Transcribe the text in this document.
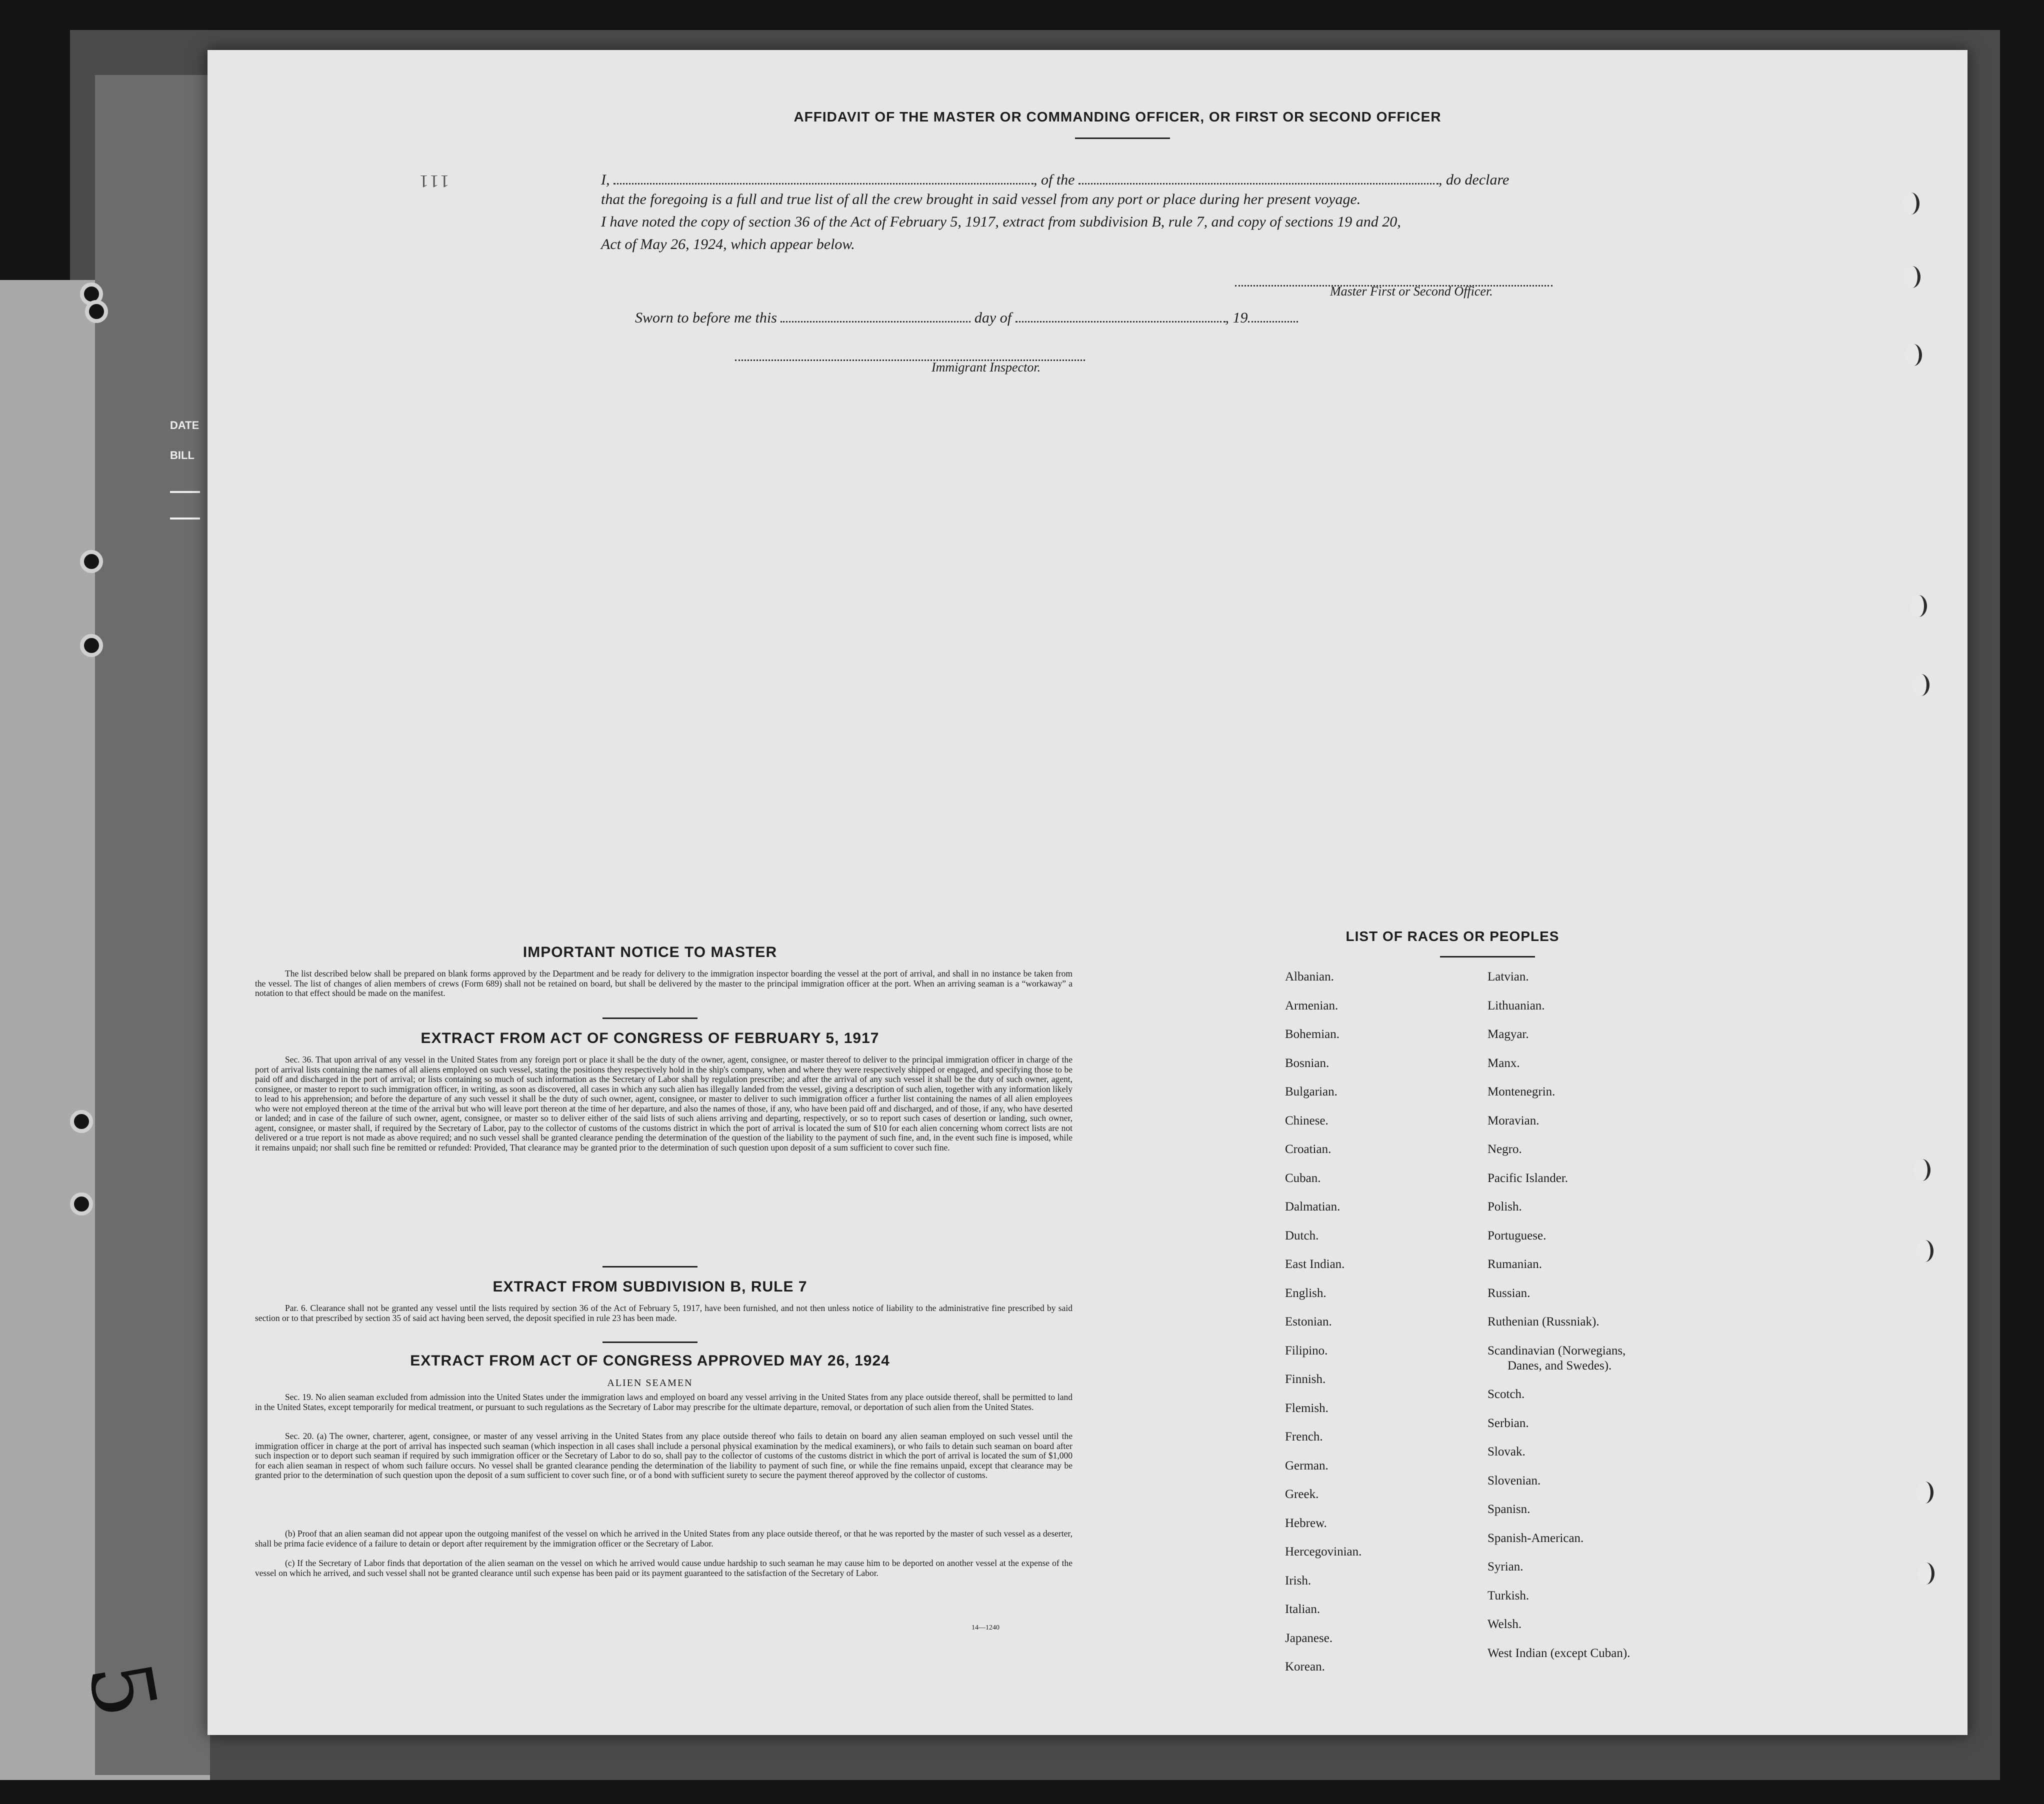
DATE
BILL
5
111
AFFIDAVIT OF THE MASTER OR COMMANDING OFFICER, OR FIRST OR SECOND OFFICER
I,	, of the	, do declare
that the foregoing is a full and true list of all the crew brought in said vessel from any port or place during her present voyage.
I have noted the copy of section 36 of the Act of February 5, 1917, extract from subdivision B, rule 7, and copy of sections 19 and 20,
Act of May 26, 1924, which appear below.
Master First or Second Officer.
Sworn to before me this	day of	, 19
Immigrant Inspector.
IMPORTANT NOTICE TO MASTER
The list described below shall be prepared on blank forms approved by the Department and be ready for delivery to the immigration inspector boarding the vessel at the port of arrival, and shall in no instance be taken from the vessel. The list of changes of alien members of crews (Form 689) shall not be retained on board, but shall be delivered by the master to the principal immigration officer at the port. When an arriving seaman is a “workaway” a notation to that effect should be made on the manifest.
EXTRACT FROM ACT OF CONGRESS OF FEBRUARY 5, 1917
Sec. 36. That upon arrival of any vessel in the United States from any foreign port or place it shall be the duty of the owner, agent, consignee, or master thereof to deliver to the principal immigration officer in charge of the port of arrival lists containing the names of all aliens employed on such vessel, stating the positions they respectively hold in the ship's company, when and where they were respectively shipped or engaged, and specifying those to be paid off and discharged in the port of arrival; or lists containing so much of such information as the Secretary of Labor shall by regulation prescribe; and after the arrival of any such vessel it shall be the duty of such owner, agent, consignee, or master to report to such immigration officer, in writing, as soon as discovered, all cases in which any such alien has illegally landed from the vessel, giving a description of such alien, together with any information likely to lead to his apprehension; and before the departure of any such vessel it shall be the duty of such owner, agent, consignee, or master to deliver to such immigration officer a further list containing the names of all alien employees who were not employed thereon at the time of the arrival but who will leave port thereon at the time of her departure, and also the names of those, if any, who have been paid off and discharged, and of those, if any, who have deserted or landed; and in case of the failure of such owner, agent, consignee, or master so to deliver either of the said lists of such aliens arriving and departing, respectively, or so to report such cases of desertion or landing, such owner, agent, consignee, or master shall, if required by the Secretary of Labor, pay to the collector of customs of the customs district in which the port of arrival is located the sum of $10 for each alien concerning whom correct lists are not delivered or a true report is not made as above required; and no such vessel shall be granted clearance pending the determination of the question of the liability to the payment of such fine, and, in the event such fine is imposed, while it remains unpaid; nor shall such fine be remitted or refunded: Provided, That clearance may be granted prior to the determination of such question upon deposit of a sum sufficient to cover such fine.
EXTRACT FROM SUBDIVISION B, RULE 7
Par. 6. Clearance shall not be granted any vessel until the lists required by section 36 of the Act of February 5, 1917, have been furnished, and not then unless notice of liability to the administrative fine prescribed by said section or to that prescribed by section 35 of said act having been served, the deposit specified in rule 23 has been made.
EXTRACT FROM ACT OF CONGRESS APPROVED MAY 26, 1924
ALIEN SEAMEN
Sec. 19. No alien seaman excluded from admission into the United States under the immigration laws and employed on board any vessel arriving in the United States from any place outside thereof, shall be permitted to land in the United States, except temporarily for medical treatment, or pursuant to such regulations as the Secretary of Labor may prescribe for the ultimate departure, removal, or deportation of such alien from the United States.
Sec. 20. (a) The owner, charterer, agent, consignee, or master of any vessel arriving in the United States from any place outside thereof who fails to detain on board any alien seaman employed on such vessel until the immigration officer in charge at the port of arrival has inspected such seaman (which inspection in all cases shall include a personal physical examination by the medical examiners), or who fails to detain such seaman on board after such inspection or to deport such seaman if required by such immigration officer or the Secretary of Labor to do so, shall pay to the collector of customs of the customs district in which the port of arrival is located the sum of $1,000 for each alien seaman in respect of whom such failure occurs. No vessel shall be granted clearance pending the determination of the liability to payment of such fine, or while the fine remains unpaid, except that clearance may be granted prior to the determination of such question upon the deposit of a sum sufficient to cover such fine, or of a bond with sufficient surety to secure the payment thereof approved by the collector of customs.
(b) Proof that an alien seaman did not appear upon the outgoing manifest of the vessel on which he arrived in the United States from any place outside thereof, or that he was reported by the master of such vessel as a deserter, shall be prima facie evidence of a failure to detain or deport after requirement by the immigration officer or the Secretary of Labor.
(c) If the Secretary of Labor finds that deportation of the alien seaman on the vessel on which he arrived would cause undue hardship to such seaman he may cause him to be deported on another vessel at the expense of the vessel on which he arrived, and such vessel shall not be granted clearance until such expense has been paid or its payment guaranteed to the satisfaction of the Secretary of Labor.
14—1240
LIST OF RACES OR PEOPLES
Albanian.
Armenian.
Bohemian.
Bosnian.
Bulgarian.
Chinese.
Croatian.
Cuban.
Dalmatian.
Dutch.
East Indian.
English.
Estonian.
Filipino.
Finnish.
Flemish.
French.
German.
Greek.
Hebrew.
Hercegovinian.
Irish.
Italian.
Japanese.
Korean.
Latvian.
Lithuanian.
Magyar.
Manx.
Montenegrin.
Moravian.
Negro.
Pacific Islander.
Polish.
Portuguese.
Rumanian.
Russian.
Ruthenian (Russniak).
Scandinavian (Norwegians,
Danes, and Swedes).
Scotch.
Serbian.
Slovak.
Slovenian.
Spanisn.
Spanish-American.
Syrian.
Turkish.
Welsh.
West Indian (except Cuban).
